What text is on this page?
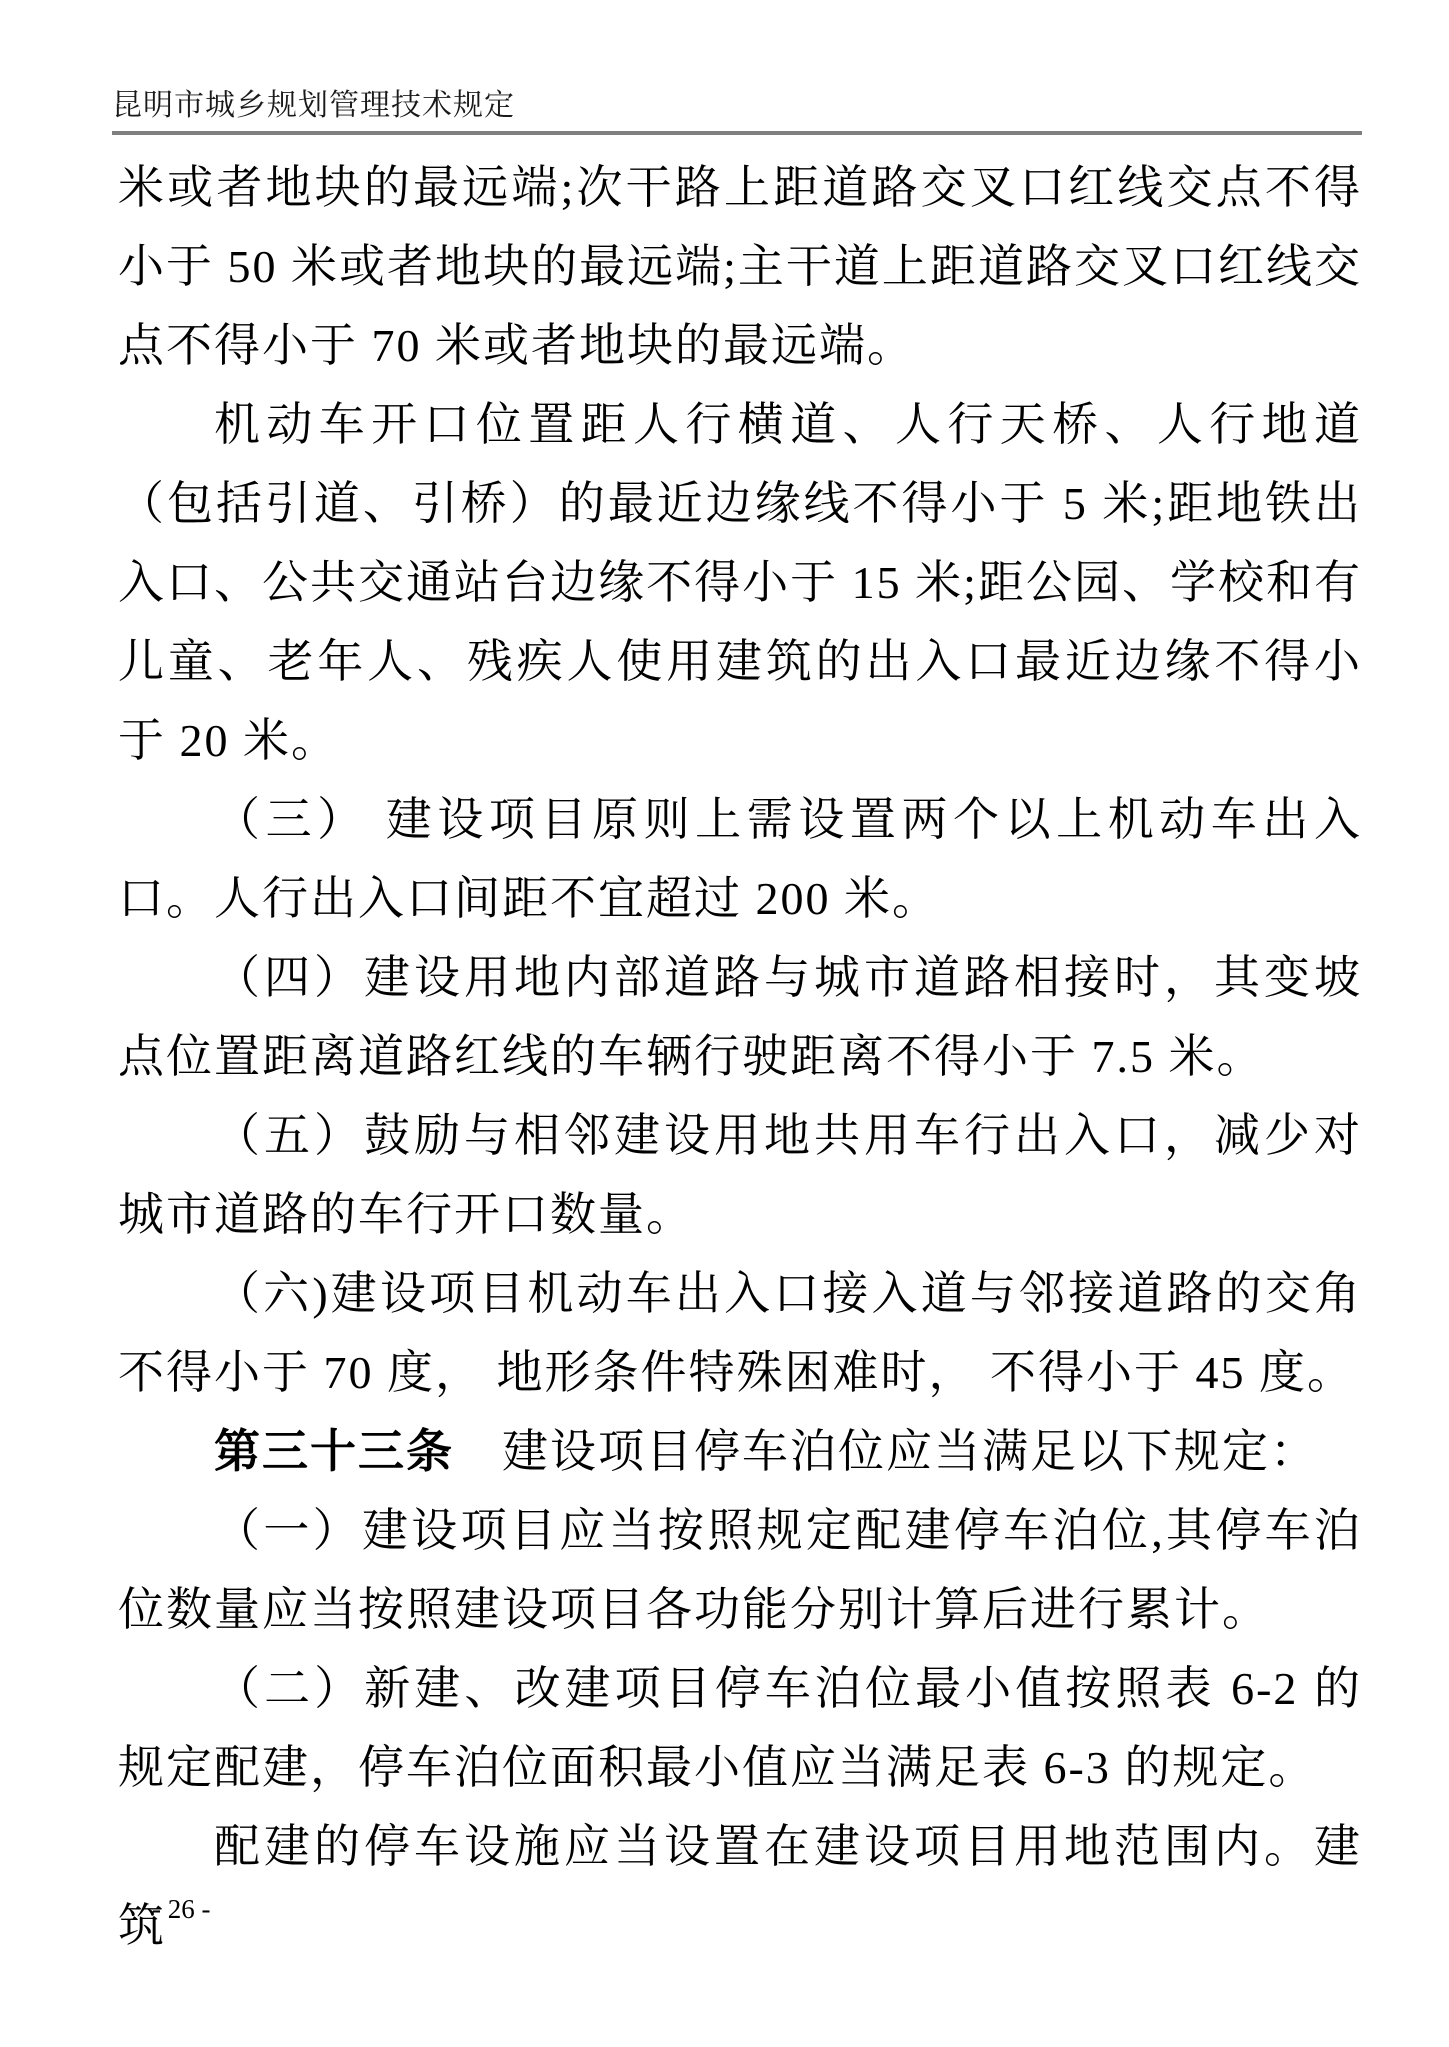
昆明市城乡规划管理技术规定

米或者地块的最远端;次干路上距道路交叉口红线交点不得小于 50 米或者地块的最远端;主干道上距道路交叉口红线交点不得小于 70 米或者地块的最远端。

机动车开口位置距人行横道、人行天桥、人行地道（包括引道、引桥）的最近边缘线不得小于 5 米;距地铁出入口、公共交通站台边缘不得小于 15 米;距公园、学校和有儿童、老年人、残疾人使用建筑的出入口最近边缘不得小于 20 米。

（三） 建设项目原则上需设置两个以上机动车出入口。人行出入口间距不宜超过 200 米。

（四）建设用地内部道路与城市道路相接时，其变坡点位置距离道路红线的车辆行驶距离不得小于 7.5 米。

（五）鼓励与相邻建设用地共用车行出入口，减少对城市道路的车行开口数量。

（六)建设项目机动车出入口接入道与邻接道路的交角不得小于 70 度， 地形条件特殊困难时， 不得小于 45 度。

第三十三条　建设项目停车泊位应当满足以下规定：

（一）建设项目应当按照规定配建停车泊位,其停车泊位数量应当按照建设项目各功能分别计算后进行累计。

（二）新建、改建项目停车泊位最小值按照表 6-2 的规定配建，停车泊位面积最小值应当满足表 6-3 的规定。

配建的停车设施应当设置在建设项目用地范围内。建筑

- 26 -
